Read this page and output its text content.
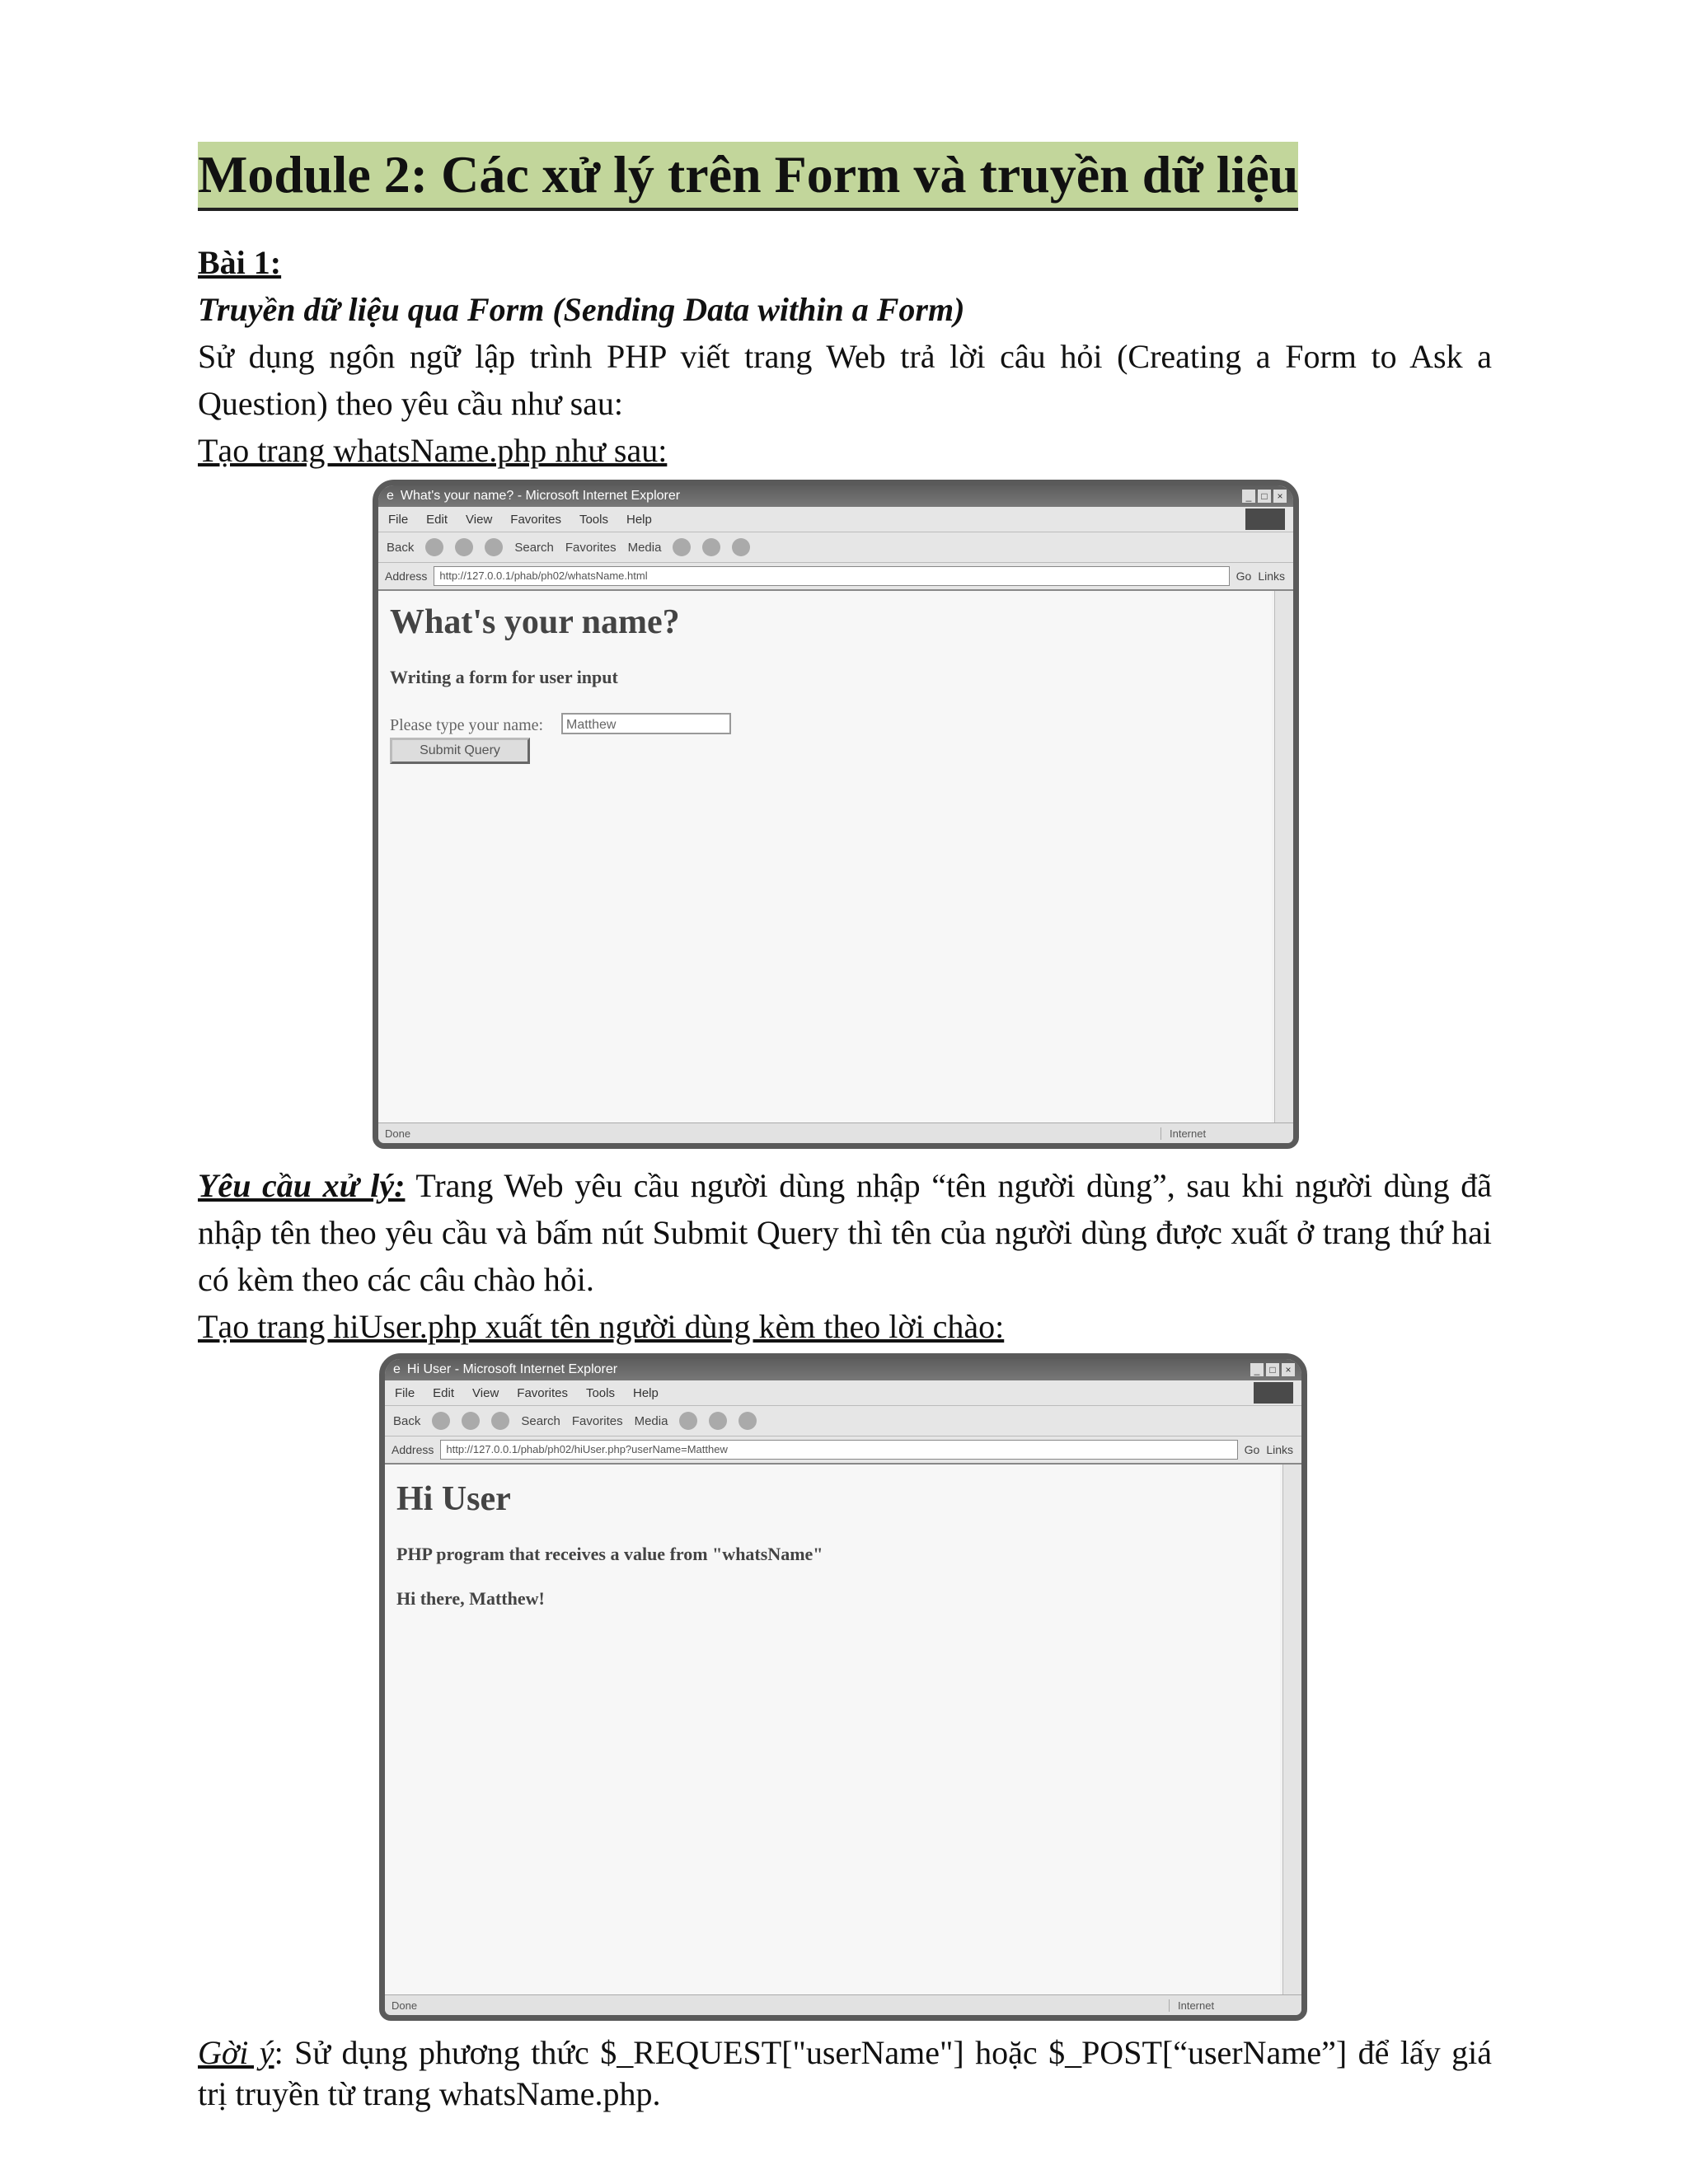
Module 2: Các xử lý trên Form và truyền dữ liệu
Bài 1:
Truyền dữ liệu qua Form (Sending Data within a Form)
Sử dụng ngôn ngữ lập trình PHP viết trang Web trả lời câu hỏi (Creating a Form to Ask a Question) theo yêu cầu như sau:
Tạo trang whatsName.php như sau:
e What's your name? - Microsoft Internet Explorer	_	□ ×
File Edit View Favorites Tools Help
Back	Search Favorites Media
Address	http://127.0.0.1/phab/ph02/whatsName.html	Go Links
What's your name?
Writing a form for user input
Please type your name:	Matthew
Submit Query
Done	Internet
Yêu cầu xử lý: Trang Web yêu cầu người dùng nhập “tên người dùng”, sau khi người dùng đã nhập tên theo yêu cầu và bấm nút Submit Query thì tên của người dùng được xuất ở trang thứ hai có kèm theo các câu chào hỏi.
Tạo trang hiUser.php xuất tên người dùng kèm theo lời chào:
e Hi User - Microsoft Internet Explorer	_	□ ×
File Edit View Favorites Tools Help
Back	Search Favorites Media
Address	http://127.0.0.1/phab/ph02/hiUser.php?userName=Matthew	Go Links
Hi User
PHP program that receives a value from "whatsName"
Hi there, Matthew!
Done	Internet
Gời ý: Sử dụng phương thức $_REQUEST["userName"] hoặc $_POST[“userName”] để lấy giá trị truyền từ trang whatsName.php.
